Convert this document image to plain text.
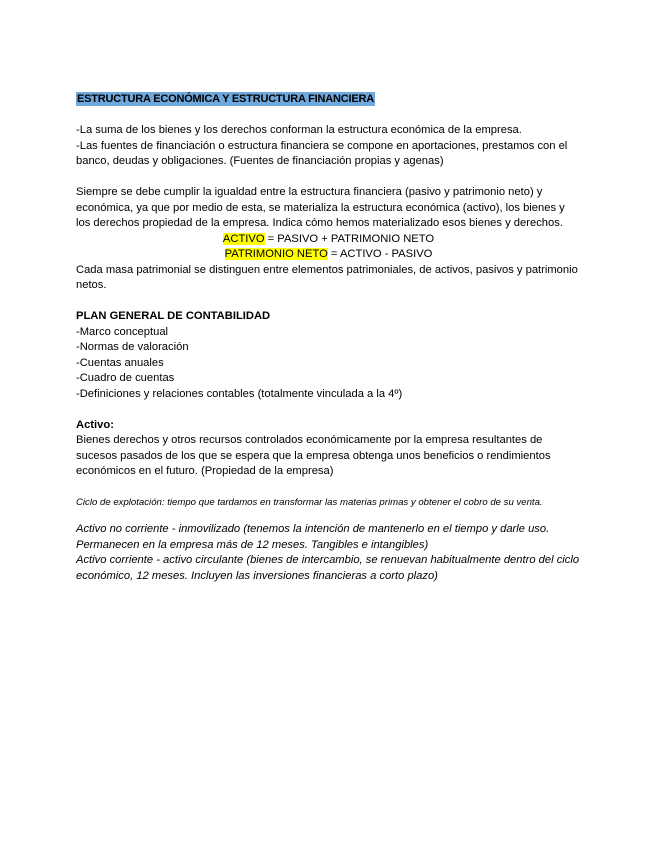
ESTRUCTURA ECONÓMICA Y ESTRUCTURA FINANCIERA

-La suma de los bienes y los derechos conforman la estructura económica de la empresa.

-Las fuentes de financiación o estructura financiera se compone en aportaciones, prestamos con el banco, deudas y obligaciones. (Fuentes de financiación propias y agenas)

Siempre se debe cumplir la igualdad entre la estructura financiera (pasivo y patrimonio neto) y económica, ya que por medio de esta, se materializa la estructura económica (activo), los bienes y los derechos propiedad de la empresa. Indica cómo hemos materializado esos bienes y derechos.

ACTIVO = PASIVO + PATRIMONIO NETO

PATRIMONIO NETO = ACTIVO - PASIVO

Cada masa patrimonial se distinguen entre elementos patrimoniales, de activos, pasivos y patrimonio netos.

PLAN GENERAL DE CONTABILIDAD

-Marco conceptual

-Normas de valoración

-Cuentas anuales

-Cuadro de cuentas

-Definiciones y relaciones contables (totalmente vinculada a la 4º)

Activo:

Bienes derechos y otros recursos controlados económicamente por la empresa resultantes de sucesos pasados de los que se espera que la empresa obtenga unos beneficios o rendimientos económicos en el futuro. (Propiedad de la empresa)

Ciclo de explotación: tiempo que tardamos en transformar las materias primas y obtener el cobro de su venta.

Activo no corriente - inmovilizado (tenemos la intención de mantenerlo en el tiempo y darle uso. Permanecen en la empresa más de 12 meses. Tangibles e intangibles)

Activo corriente - activo circulante (bienes de intercambio, se renuevan habitualmente dentro del ciclo económico, 12 meses. Incluyen las inversiones financieras a corto plazo)
